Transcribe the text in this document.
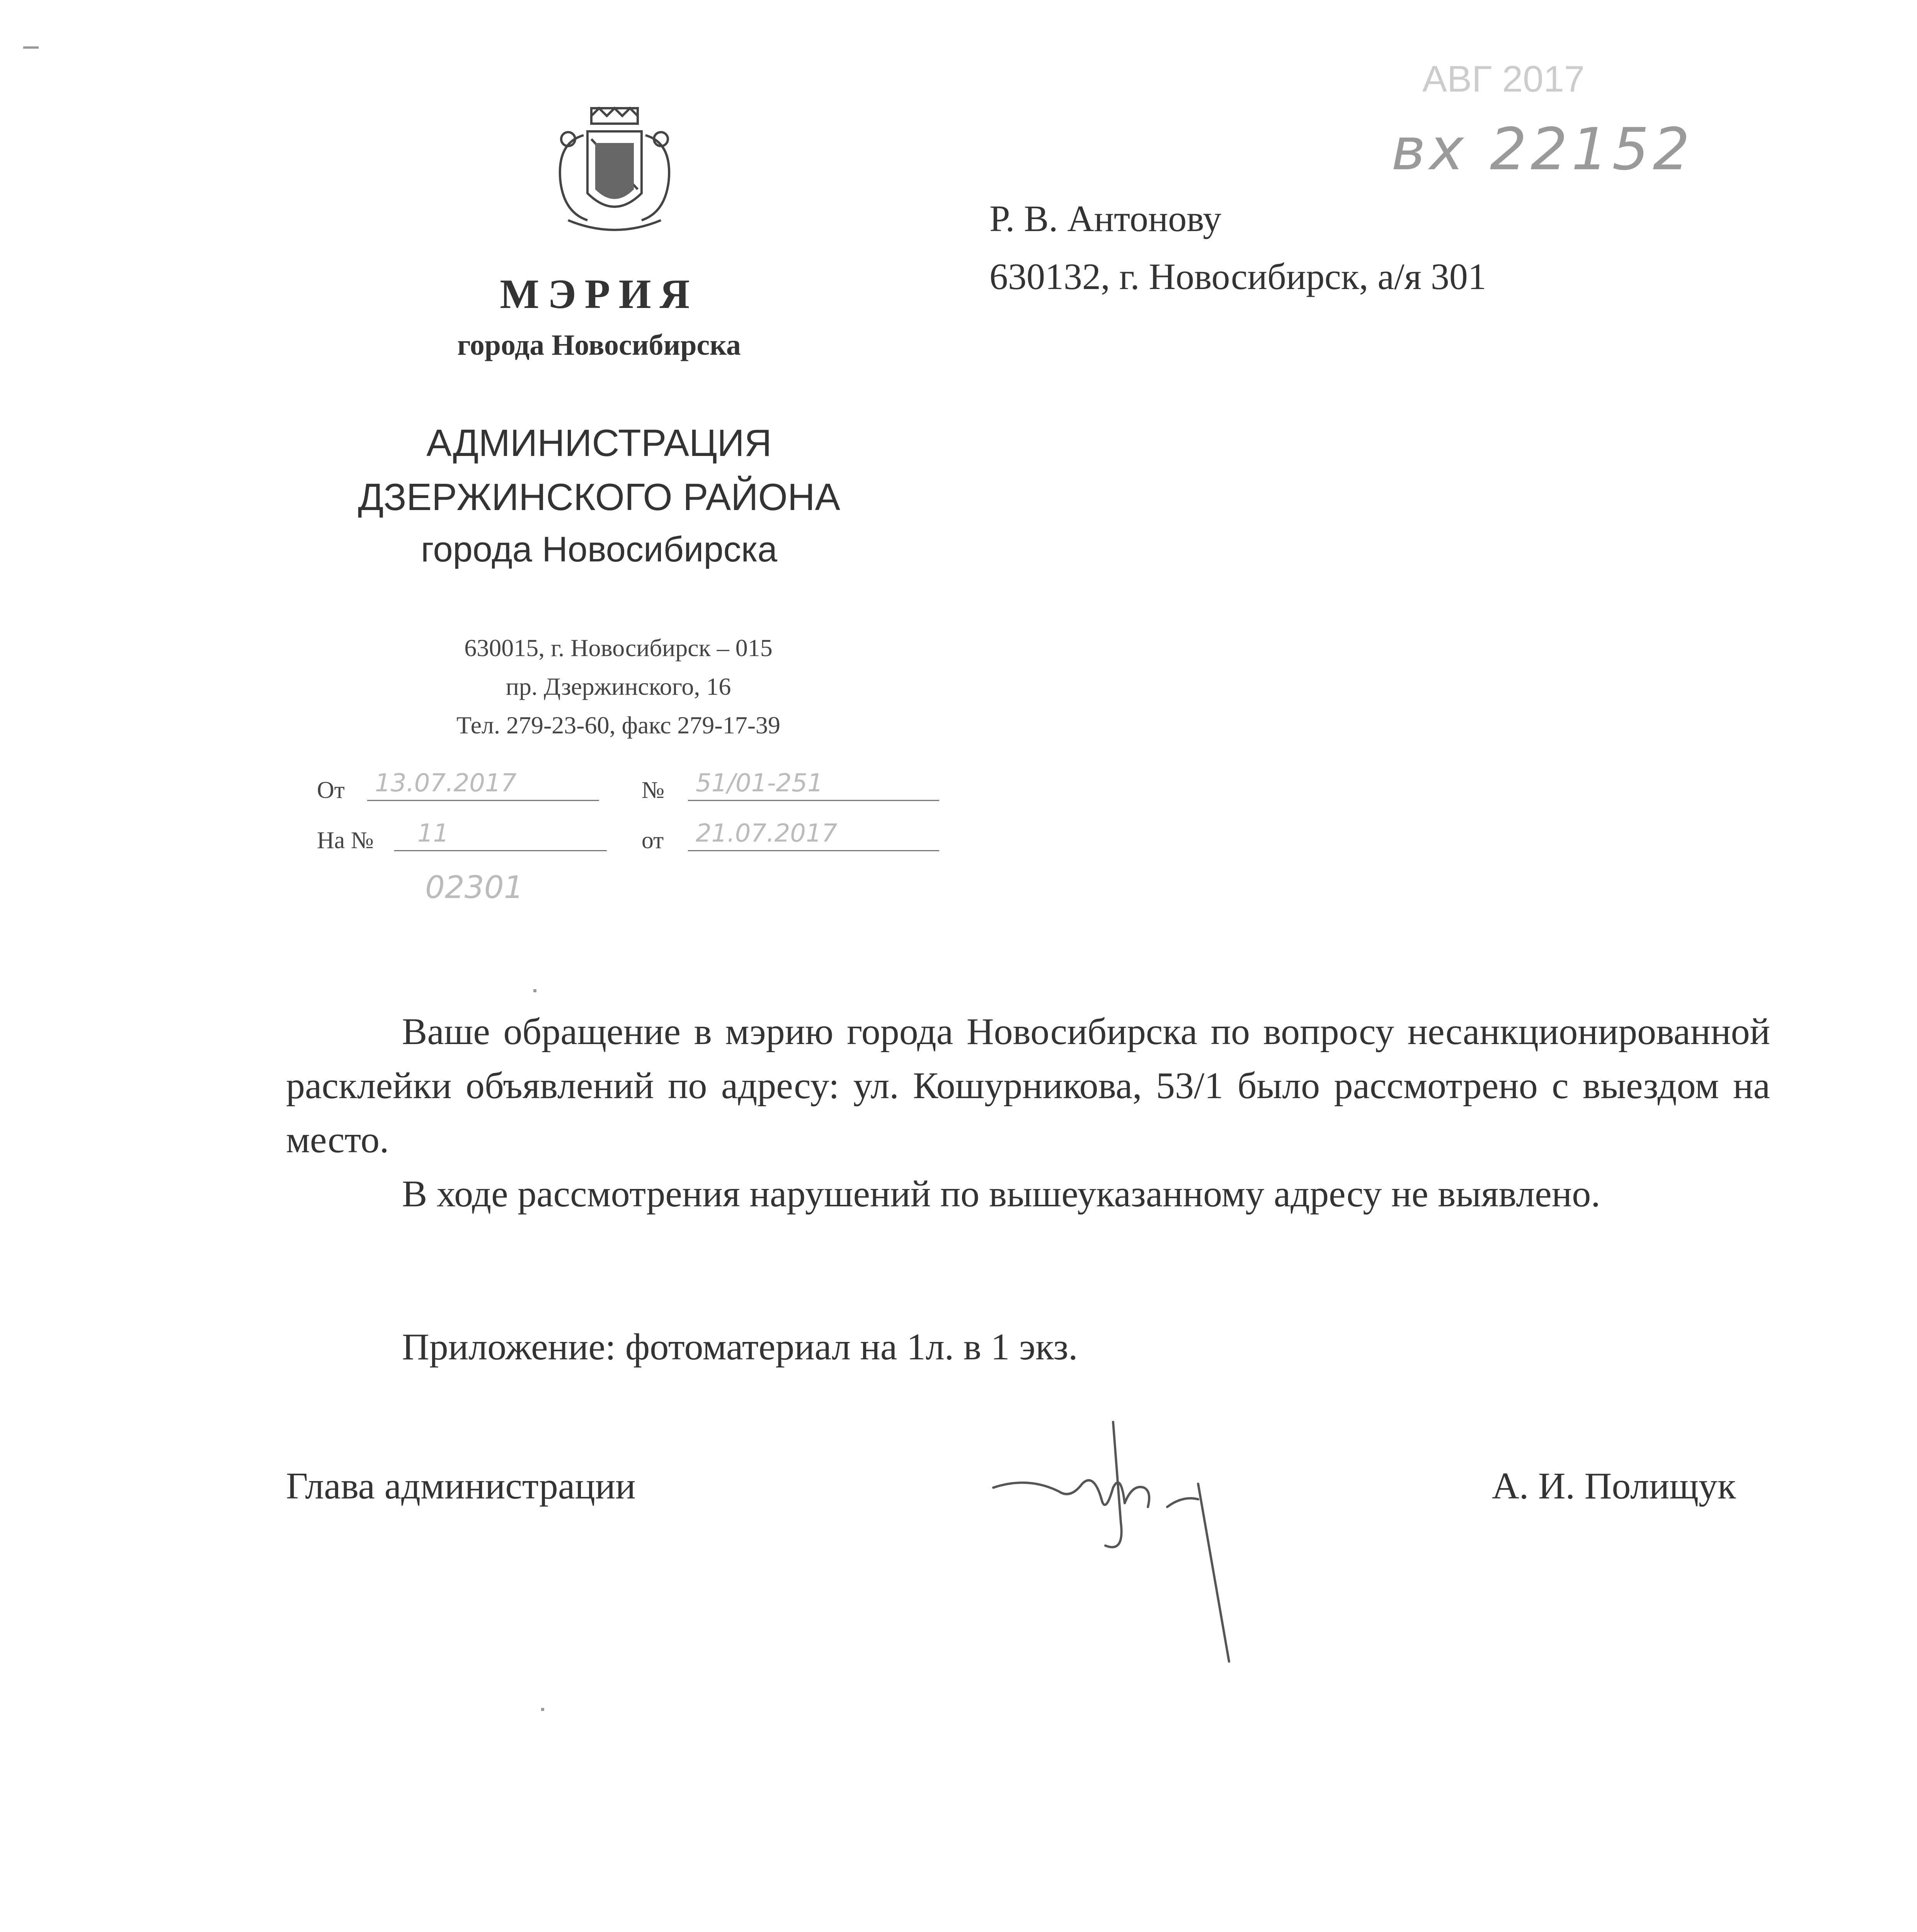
МЭРИЯ
города Новосибирска
АДМИНИСТРАЦИЯ
ДЗЕРЖИНСКОГО РАЙОНА
города Новосибирска
630015, г. Новосибирск – 015
пр. Дзержинского, 16
Тел. 279-23-60, факс 279-17-39
От 13.07.2017	№ 51/01-251
На № 11	от 21.07.2017
02301
АВГ 2017
вх 22152
Р. В. Антонову
630132, г. Новосибирск, а/я 301
Ваше обращение в мэрию города Новосибирска по вопросу несанкционированной расклейки объявлений по адресу: ул. Кошурникова, 53/1 было рассмотрено с выездом на место.
В ходе рассмотрения нарушений по вышеуказанному адресу не выявлено.
Приложение: фотоматериал на 1л. в 1 экз.
Глава администрации	А. И. Полищук
